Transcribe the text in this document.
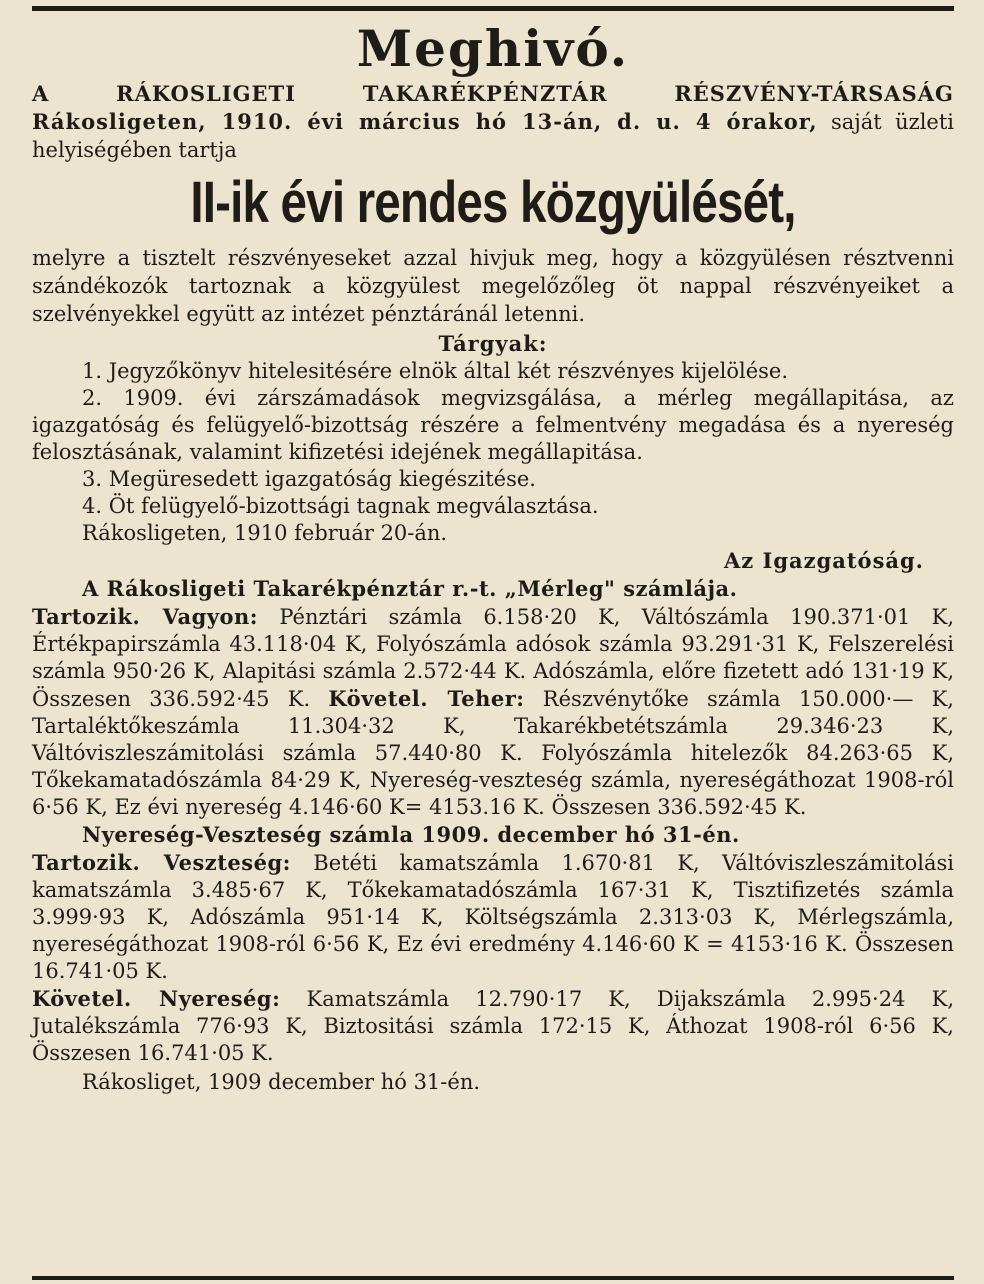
Meghivó.

A RÁKOSLIGETI TAKARÉKPÉNZTÁR RÉSZVÉNY-TÁRSASÁG Rákosligeten, 1910. évi március hó 13-án, d. u. 4 órakor, saját üzleti helyiségében tartja

II-ik évi rendes közgyülését,

melyre a tisztelt részvényeseket azzal hivjuk meg, hogy a közgyülésen résztvenni szándékozók tartoznak a közgyülest megelőzőleg öt nappal részvényeiket a szelvényekkel együtt az intézet pénztáránál letenni.

Tárgyak:

1. Jegyzőkönyv hitelesitésére elnök által két részvényes kijelölése.

2. 1909. évi zárszámadások megvizsgálása, a mérleg megállapitása, az igazgatóság és felügyelő-bizottság részére a felmentvény megadása és a nyereség felosztásának, valamint kifizetési idejének megállapitása.

3. Megüresedett igazgatóság kiegészitése.

4. Öt felügyelő-bizottsági tagnak megválasztása.

Rákosligeten, 1910 február 20-án.

Az Igazgatóság.

A Rákosligeti Takarékpénztár r.-t. „Mérleg" számlája.

Tartozik. Vagyon: Pénztári számla 6.158·20 K, Váltószámla 190.371·01 K, Értékpapirszámla 43.118·04 K, Folyószámla adósok számla 93.291·31 K, Felszerelési számla 950·26 K, Alapitási számla 2.572·44 K. Adószámla, előre fizetett adó 131·19 K, Összesen 336.592·45 K. Követel. Teher: Részvénytőke számla 150.000·— K, Tartaléktőkeszámla 11.304·32 K, Takarékbetétszámla 29.346·23 K, Váltóviszleszámitolási számla 57.440·80 K. Folyószámla hitelezők 84.263·65 K, Tőkekamatadószámla 84·29 K, Nyereség-veszteség számla, nyereségáthozat 1908-ról 6·56 K, Ez évi nyereség 4.146·60 K= 4153.16 K. Összesen 336.592·45 K.

Nyereség-Veszteség számla 1909. december hó 31-én.

Tartozik. Veszteség: Betéti kamatszámla 1.670·81 K, Váltóviszleszámitolási kamatszámla 3.485·67 K, Tőkekamatadószámla 167·31 K, Tisztifizetés számla 3.999·93 K, Adószámla 951·14 K, Költségszámla 2.313·03 K, Mérlegszámla, nyereségáthozat 1908-ról 6·56 K, Ez évi eredmény 4.146·60 K = 4153·16 K. Összesen 16.741·05 K.

Követel. Nyereség: Kamatszámla 12.790·17 K, Dijakszámla 2.995·24 K, Jutalékszámla 776·93 K, Biztositási számla 172·15 K, Áthozat 1908-ról 6·56 K, Összesen 16.741·05 K.

Rákosliget, 1909 december hó 31-én.
